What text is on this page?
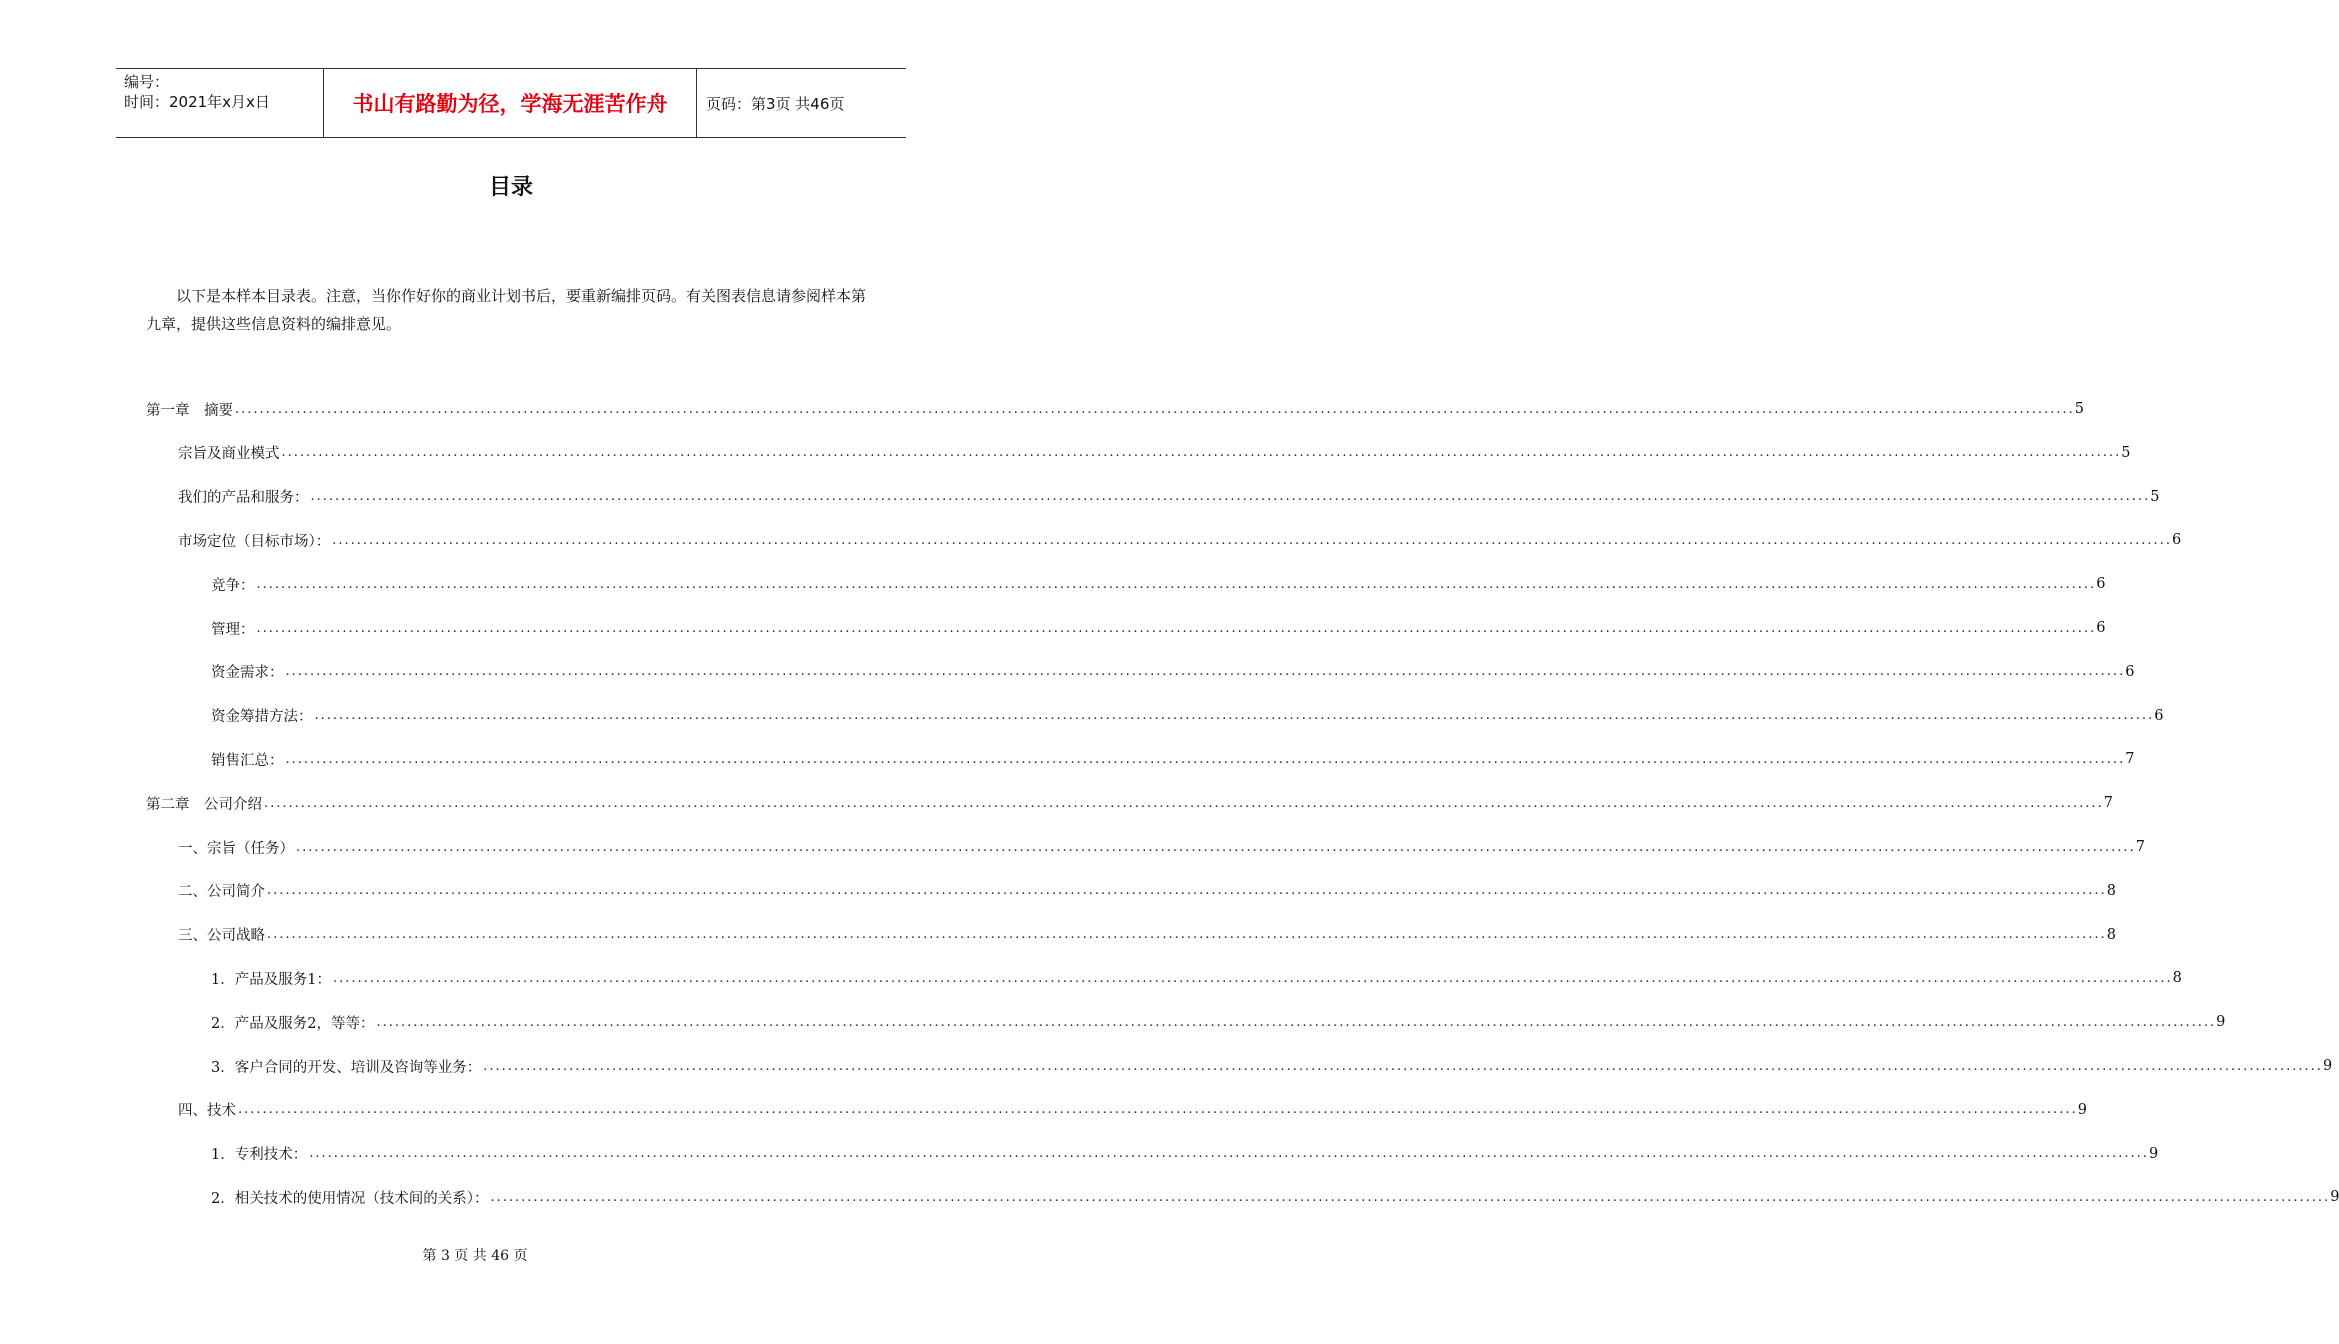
编号：
时间：2021年x月x日	书山有路勤为径，学海无涯苦作舟	页码：第3页 共46页
目录
以下是本样本目录表。注意，当你作好你的商业计划书后，要重新编排页码。有关图表信息请参阅样本第九章，提供这些信息资料的编排意见。
第一章　摘要 ............................................................................................................................................................................................................................................................................................................ 5
宗旨及商业模式 ............................................................................................................................................................................................................................................................................................................ 5
我们的产品和服务： ............................................................................................................................................................................................................................................................................................................ 5
市场定位（目标市场）： ............................................................................................................................................................................................................................................................................................................ 6
竞争： ............................................................................................................................................................................................................................................................................................................ 6
管理： ............................................................................................................................................................................................................................................................................................................ 6
资金需求： ............................................................................................................................................................................................................................................................................................................ 6
资金筹措方法： ............................................................................................................................................................................................................................................................................................................ 6
销售汇总： ............................................................................................................................................................................................................................................................................................................ 7
第二章　公司介绍 ............................................................................................................................................................................................................................................................................................................ 7
一、宗旨（任务） ............................................................................................................................................................................................................................................................................................................ 7
二、公司简介 ............................................................................................................................................................................................................................................................................................................ 8
三、公司战略 ............................................................................................................................................................................................................................................................................................................ 8
1．产品及服务1： ............................................................................................................................................................................................................................................................................................................ 8
2．产品及服务2，等等： ............................................................................................................................................................................................................................................................................................................ 9
3．客户合同的开发、培训及咨询等业务： ............................................................................................................................................................................................................................................................................................................ 9
四、技术 ............................................................................................................................................................................................................................................................................................................ 9
1．专利技术： ............................................................................................................................................................................................................................................................................................................ 9
2．相关技术的使用情况（技术间的关系）： ............................................................................................................................................................................................................................................................................................................ 9
第 3 页 共 46 页
